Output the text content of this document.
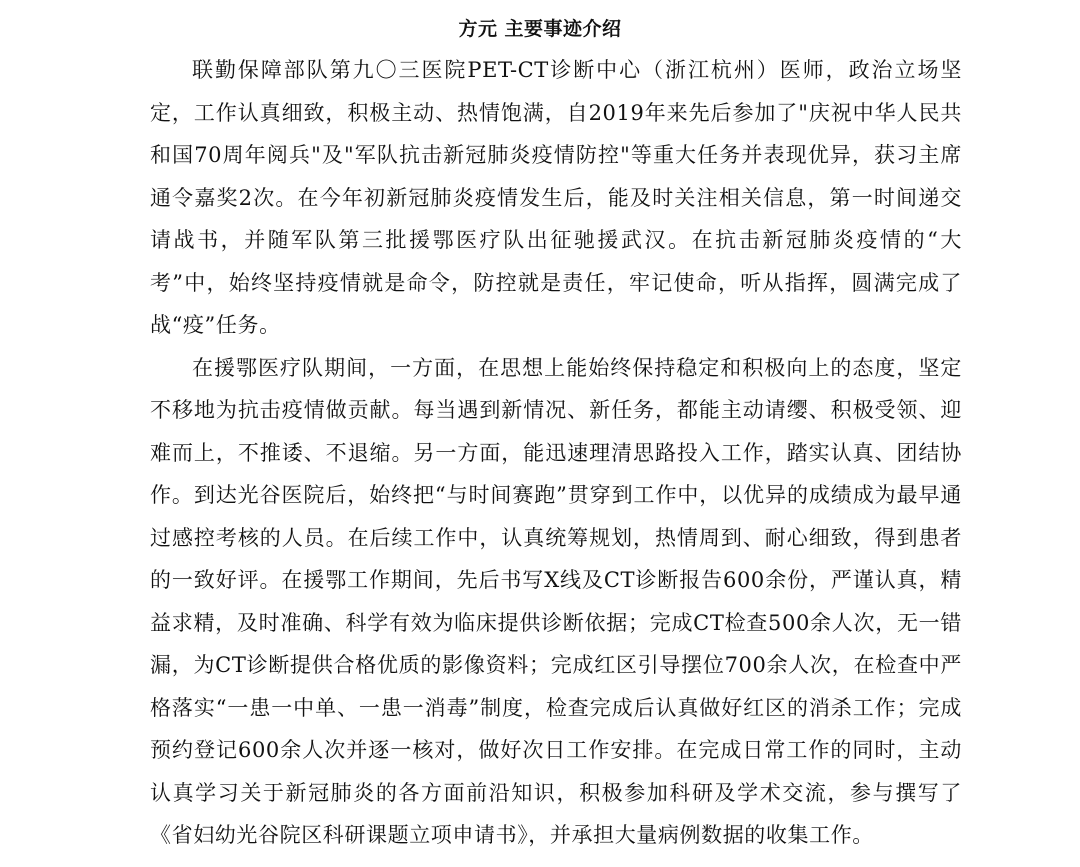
方元 主要事迹介绍

联勤保障部队第九〇三医院PET-CT诊断中心（浙江杭州）医师，政治立场坚定，工作认真细致，积极主动、热情饱满，自2019年来先后参加了"庆祝中华人民共和国70周年阅兵"及"军队抗击新冠肺炎疫情防控"等重大任务并表现优异，获习主席通令嘉奖2次。在今年初新冠肺炎疫情发生后，能及时关注相关信息，第一时间递交请战书，并随军队第三批援鄂医疗队出征驰援武汉。在抗击新冠肺炎疫情的“大考”中，始终坚持疫情就是命令，防控就是责任，牢记使命，听从指挥，圆满完成了战“疫”任务。

在援鄂医疗队期间，一方面，在思想上能始终保持稳定和积极向上的态度，坚定不移地为抗击疫情做贡献。每当遇到新情况、新任务，都能主动请缨、积极受领、迎难而上，不推诿、不退缩。另一方面，能迅速理清思路投入工作，踏实认真、团结协作。到达光谷医院后，始终把“与时间赛跑”贯穿到工作中，以优异的成绩成为最早通过感控考核的人员。在后续工作中，认真统筹规划，热情周到、耐心细致，得到患者的一致好评。在援鄂工作期间，先后书写X线及CT诊断报告600余份，严谨认真，精益求精，及时准确、科学有效为临床提供诊断依据；完成CT检查500余人次，无一错漏，为CT诊断提供合格优质的影像资料；完成红区引导摆位700余人次，在检查中严格落实“一患一中单、一患一消毒”制度，检查完成后认真做好红区的消杀工作；完成预约登记600余人次并逐一核对，做好次日工作安排。在完成日常工作的同时，主动认真学习关于新冠肺炎的各方面前沿知识，积极参加科研及学术交流，参与撰写了《省妇幼光谷院区科研课题立项申请书》，并承担大量病例数据的收集工作。
